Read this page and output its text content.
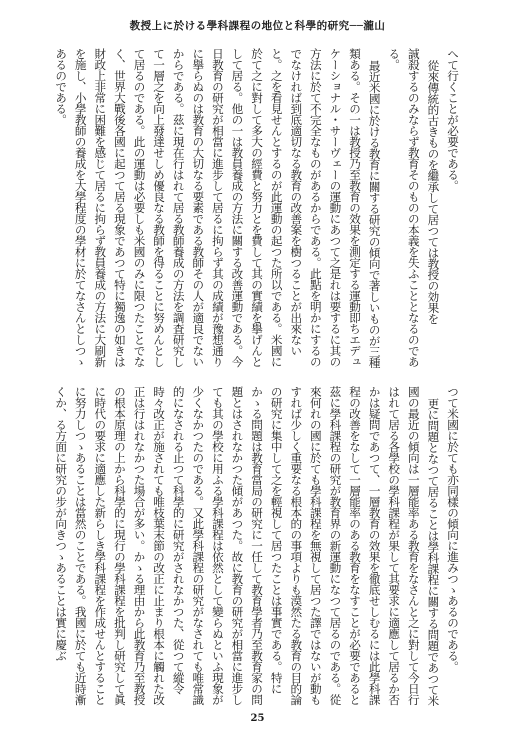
教授上に於ける學科課程の地位と科學的研究──瀧山

へて行くことが必要である。

從來傳統的古きものを繼承して居つては教授の効果を

誠殺するのみならず教育そのものの本義を失ふこととなるのである。

最近米國に於ける教育に關する研究の傾向で著しいものが三種類ある。その一は教授乃至教育の效果を測定する運動即ちエデュケーショナル・サーヴェーの運動にあつて之是れは要するに其の方法に於て不完全なものがあるからである。此點を明かにするのでなければ到底適切なる教育の改善案を樹つることが出來ないと。之を看見せんとするのが此運動の起つた所以である。米國に於て之に對して多大の經費と努力とを費して其の實績を擧げんとして居る。他の一は教員養成の方法に關する改善運動である。今日教育の研究が相當に進步して居るに拘らず其の成績が豫想通りに擧らぬのは教育の大切なる要素である教師その人が適良でないからである。茲に現在行はれて居る教師養成の方法を調査研究して一層之を向上發達せしめ優良なる教師を得ることに努めんとして居るのである。此の運動は必要しも米國のみに限つたことでなく、世界大戰後各國に起つて居る現象であつて特に獨逸の如きは財政上非常に困難を感じて居るに拘らず教員養成の方法に大刷新を施し、小學教師の養成を大學程度の學材に於てなさんとしつゝあるのである。

つて米國に於ても亦同樣の傾向に進みつゝあるのである。

更に問題となつて居ることは學科課程に關する問題であつて米國の最近の傾向は一層能率ある教育をなさんと之に對して今日行はれて居る各學校の學科課程が果して其要求に適應して居るか否かは疑問であつて、一層教育の效果を徹底せしむるには此學科課程の改善をなして一層能率のある教育をなすことが必要であると茲に學科課程の研究が教育界の新運動になつて居るのである。從來何れの國に於ても學科課程を無視して居つた譯ではないが動もすれば少しく重要なる根本的の事項よりも漠然たる教育の目的論の研究に集中して之を輕視して居つたことは事實である。特にかゝる問題は教育當局の研究に一任して教育學者乃至教育家の問題とはされなかつた傾があつた。故に教育の研究が相當に進步しても其の學校に用ふる學科課程は依然として變らぬといふ現象が少くなかつたのである。又此學科課程の研究がなされても唯常識的になされる止つて科學的に研究がされなかつた、從つて縱令時々改正が施されても唯枝葉末節の改正に止まり根本に觸れた改正は行はれなかつた場合が多い。かゝる理由から此教育乃至教授の根本原理の上から科學的に現行の學科課程を批判し研究して眞に時代の要求に適應した新らしき學科課程を作成せんとすることに努力しつゝあることは當然のことである。我國に於ても近時漸くか、る方面に研究の步が向きつゝあることは實に慶ぶ

25
